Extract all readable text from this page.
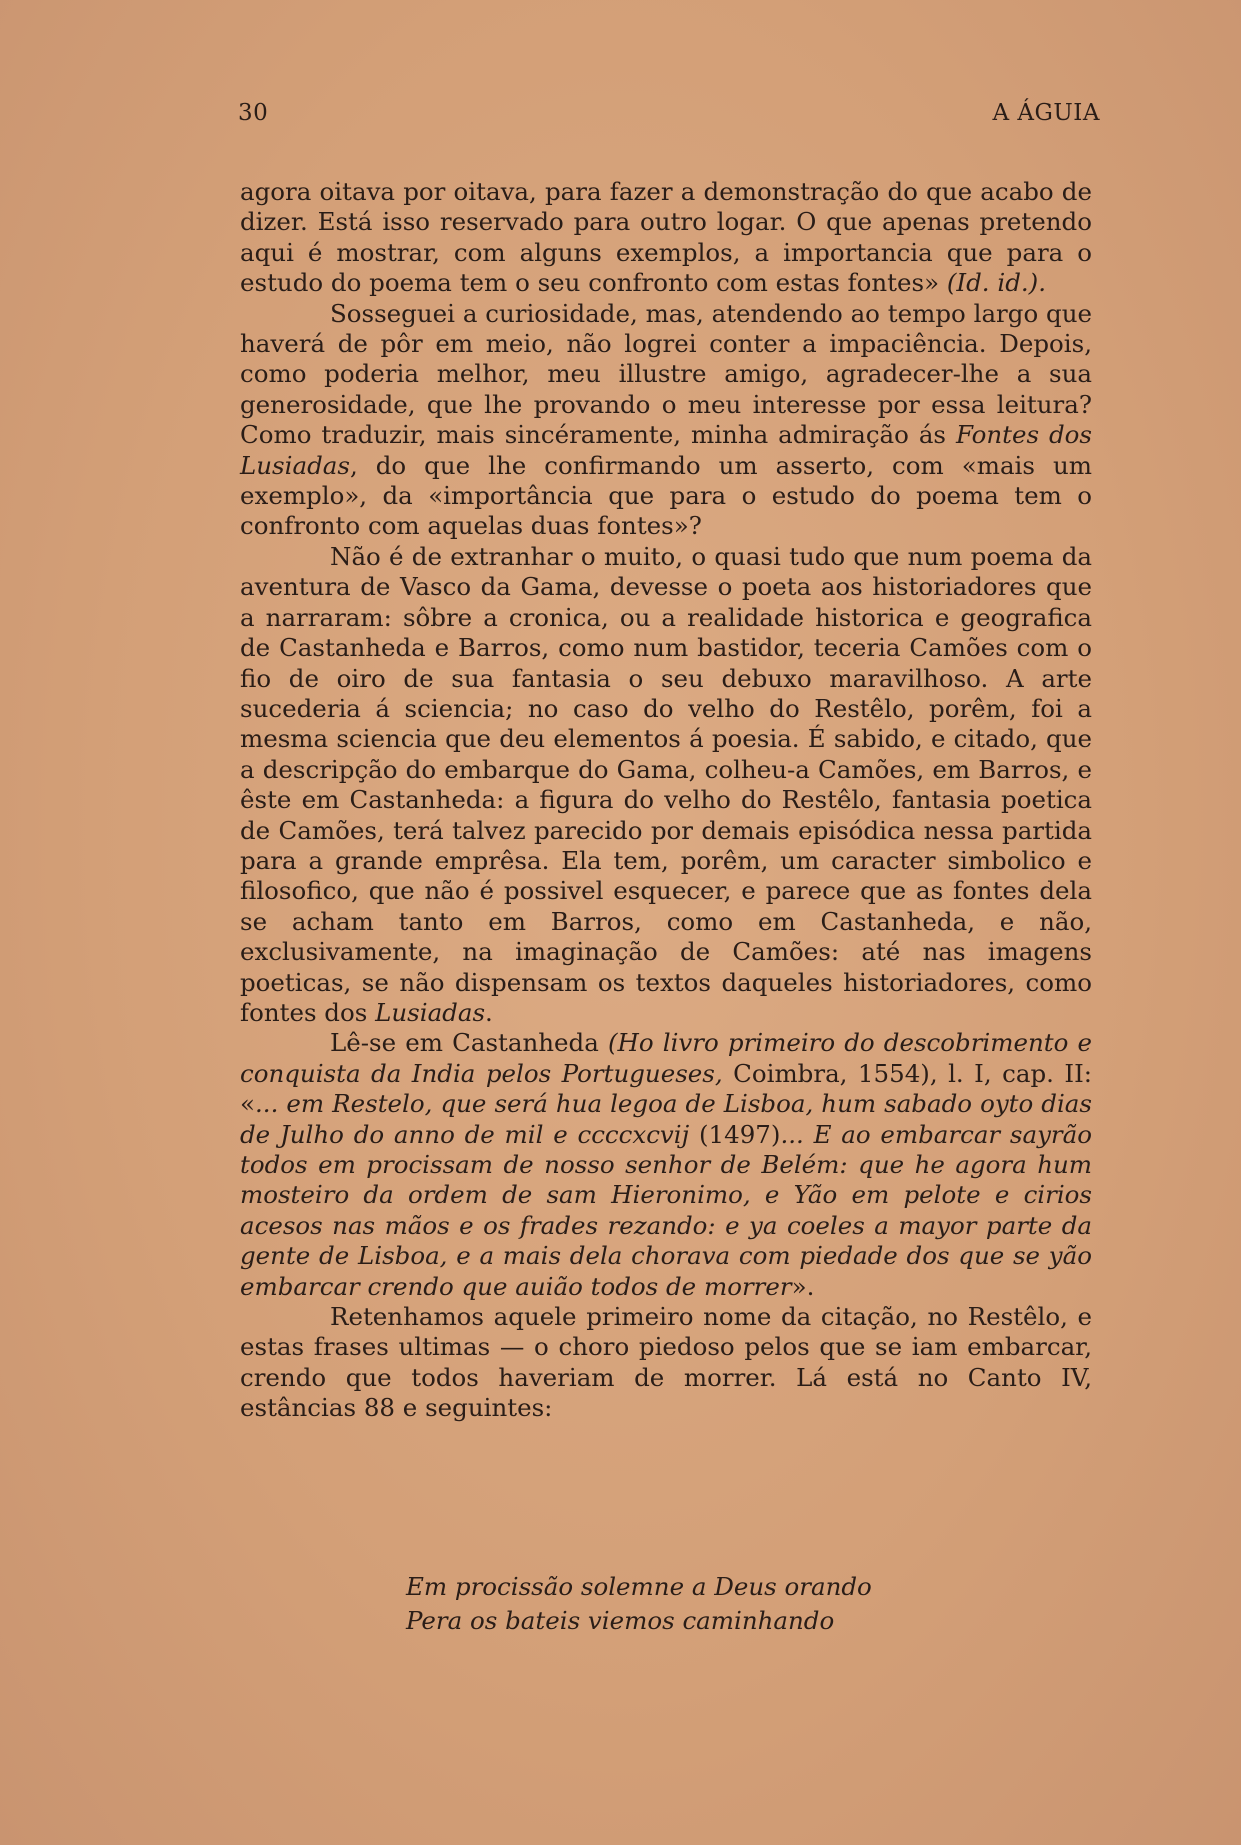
30	A ÁGUIA

agora oitava por oitava, para fazer a demonstração do que acabo de dizer. Está isso reservado para outro logar. O que apenas pretendo aqui é mostrar, com alguns exemplos, a importancia que para o estudo do poema tem o seu confronto com estas fontes» (Id. id.).

Sosseguei a curiosidade, mas, atendendo ao tempo largo que haverá de pôr em meio, não logrei conter a impaciência. Depois, como poderia melhor, meu illustre amigo, agradecer-lhe a sua generosidade, que lhe provando o meu interesse por essa leitura? Como traduzir, mais sincéramente, minha admiração ás Fontes dos Lusiadas, do que lhe confirmando um asserto, com «mais um exemplo», da «importância que para o estudo do poema tem o confronto com aquelas duas fontes»?

Não é de extranhar o muito, o quasi tudo que num poema da aventura de Vasco da Gama, devesse o poeta aos historiadores que a narraram: sôbre a cronica, ou a realidade historica e geografica de Castanheda e Barros, como num bastidor, teceria Camões com o fio de oiro de sua fantasia o seu debuxo maravilhoso. A arte sucederia á sciencia; no caso do velho do Restêlo, porêm, foi a mesma sciencia que deu elementos á poesia. É sabido, e citado, que a descripção do embarque do Gama, colheu-a Camões, em Barros, e êste em Castanheda: a figura do velho do Restêlo, fantasia poetica de Camões, terá talvez parecido por demais episódica nessa partida para a grande emprêsa. Ela tem, porêm, um caracter simbolico e filosofico, que não é possivel esquecer, e parece que as fontes dela se acham tanto em Barros, como em Castanheda, e não, exclusivamente, na imaginação de Camões: até nas imagens poeticas, se não dispensam os textos daqueles historiadores, como fontes dos Lusiadas.

Lê-se em Castanheda (Ho livro primeiro do descobrimento e conquista da India pelos Portugueses, Coimbra, 1554), l. I, cap. II: «... em Restelo, que será hua legoa de Lisboa, hum sabado oyto dias de Julho do anno de mil e ccccxcvij (1497)... E ao embarcar sayrão todos em procissam de nosso senhor de Belém: que he agora hum mosteiro da ordem de sam Hieronimo, e Yão em pelote e cirios acesos nas mãos e os frades rezando: e ya coeles a mayor parte da gente de Lisboa, e a mais dela chorava com piedade dos que se yão embarcar crendo que auião todos de morrer».

Retenhamos aquele primeiro nome da citação, no Restêlo, e estas frases ultimas — o choro piedoso pelos que se iam embarcar, crendo que todos haveriam de morrer. Lá está no Canto IV, estâncias 88 e seguintes:

Em procissão solemne a Deus orando
Pera os bateis viemos caminhando
